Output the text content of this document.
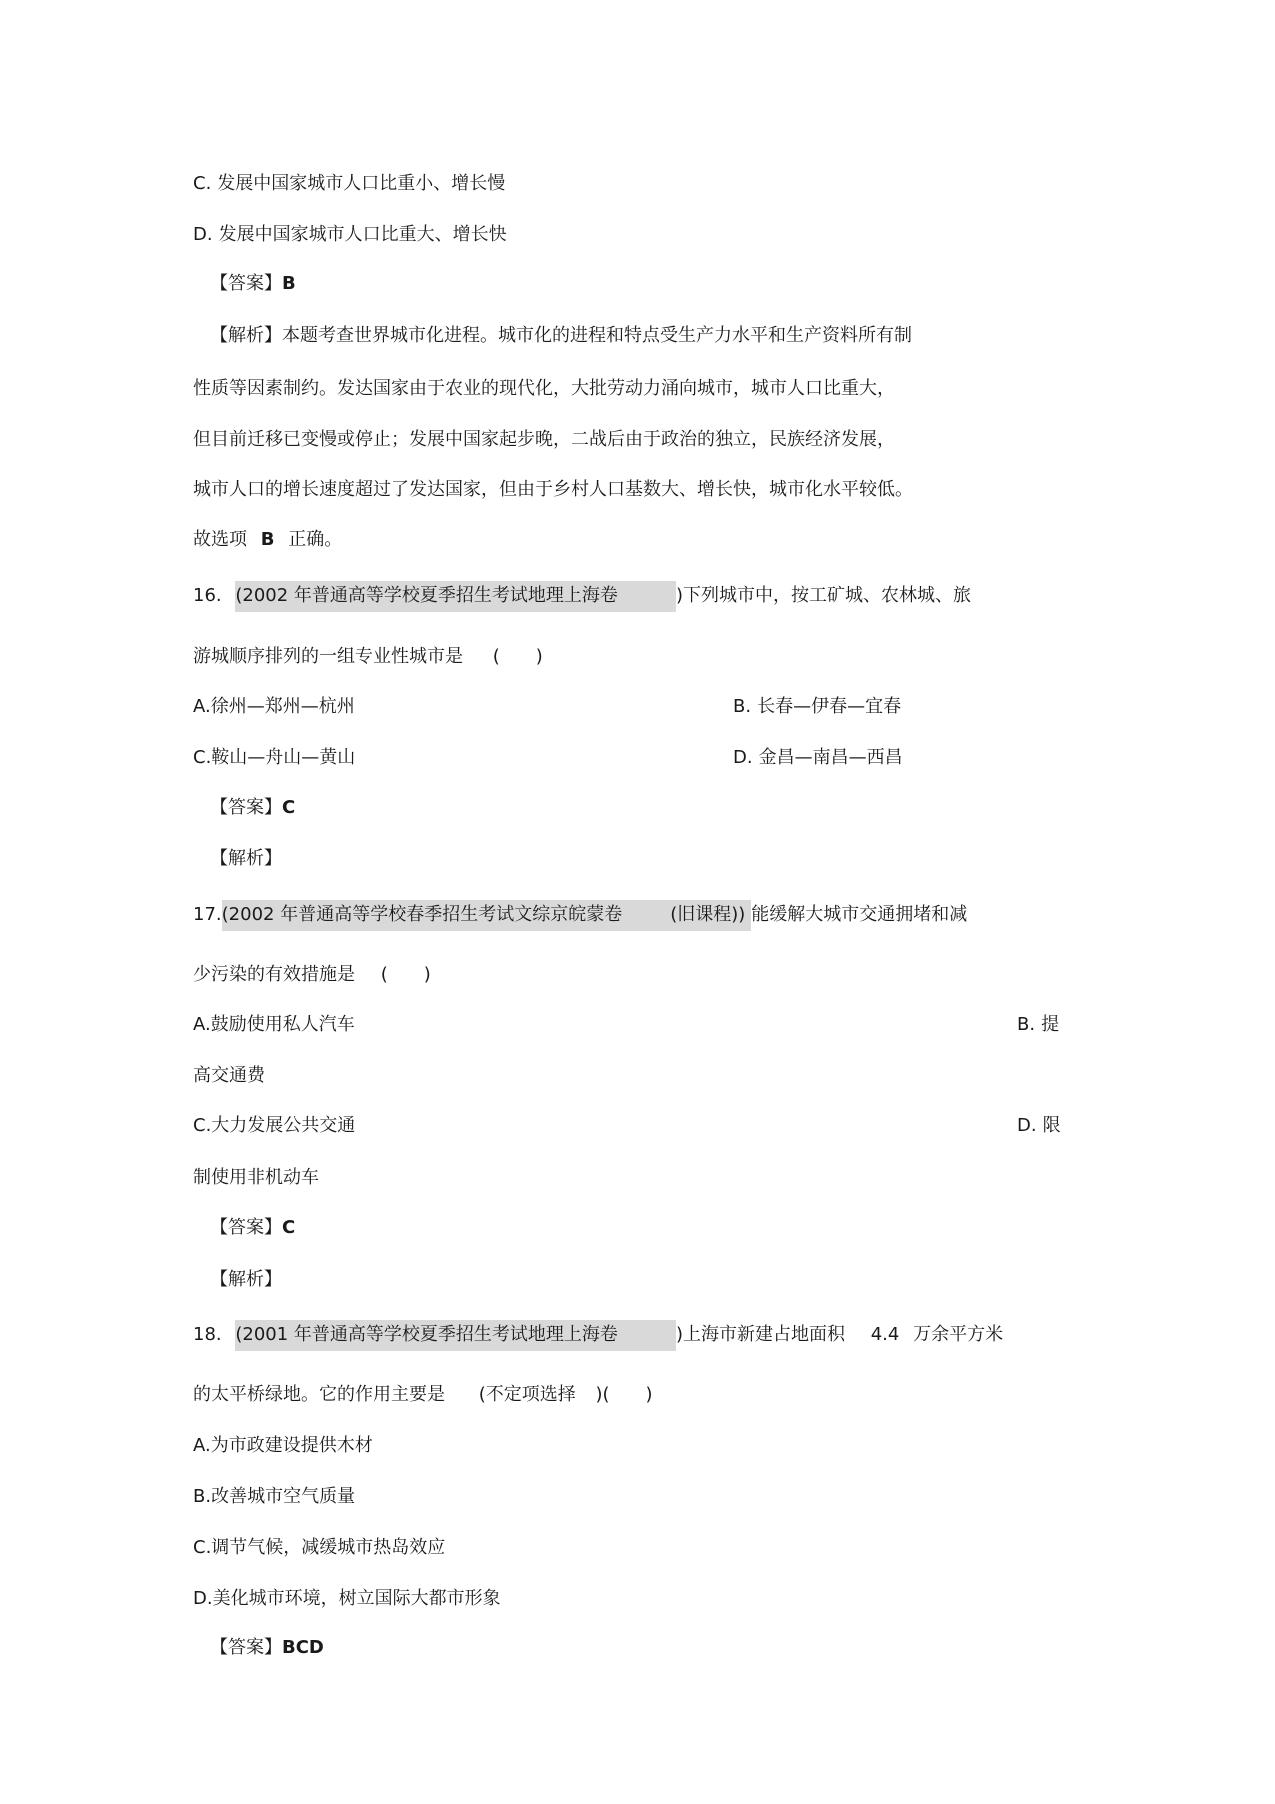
C. 发展中国家城市人口比重小、增长慢
D. 发展中国家城市人口比重大、增长快
【答案】B
【解析】本题考查世界城市化进程。城市化的进程和特点受生产力水平和生产资料所有制
性质等因素制约。发达国家由于农业的现代化，大批劳动力涌向城市，城市人口比重大，
但目前迁移已变慢或停止；发展中国家起步晚，二战后由于政治的独立，民族经济发展，
城市人口的增长速度超过了发达国家，但由于乡村人口基数大、增长快，城市化水平较低。
故选项 B 正确。
16. (2002 年普通高等学校夏季招生考试地理上海卷	)下列城市中，按工矿城、农林城、旅
游城顺序排列的一组专业性城市是 (　　)
A.徐州—郑州—杭州	B. 长春—伊春—宜春
C.鞍山—舟山—黄山	D. 金昌—南昌—西昌
【答案】C
【解析】
17.(2002 年普通高等学校春季招生考试文综京皖蒙卷	(旧课程)) 能缓解大城市交通拥堵和减
少污染的有效措施是 (　　)
A.鼓励使用私人汽车	B. 提
高交通费
C.大力发展公共交通	D. 限
制使用非机动车
【答案】C
【解析】
18. (2001 年普通高等学校夏季招生考试地理上海卷	)上海市新建占地面积 4.4 万余平方米
的太平桥绿地。它的作用主要是 (不定项选择 )(　　)
A.为市政建设提供木材
B.改善城市空气质量
C.调节气候，减缓城市热岛效应
D.美化城市环境，树立国际大都市形象
【答案】BCD
